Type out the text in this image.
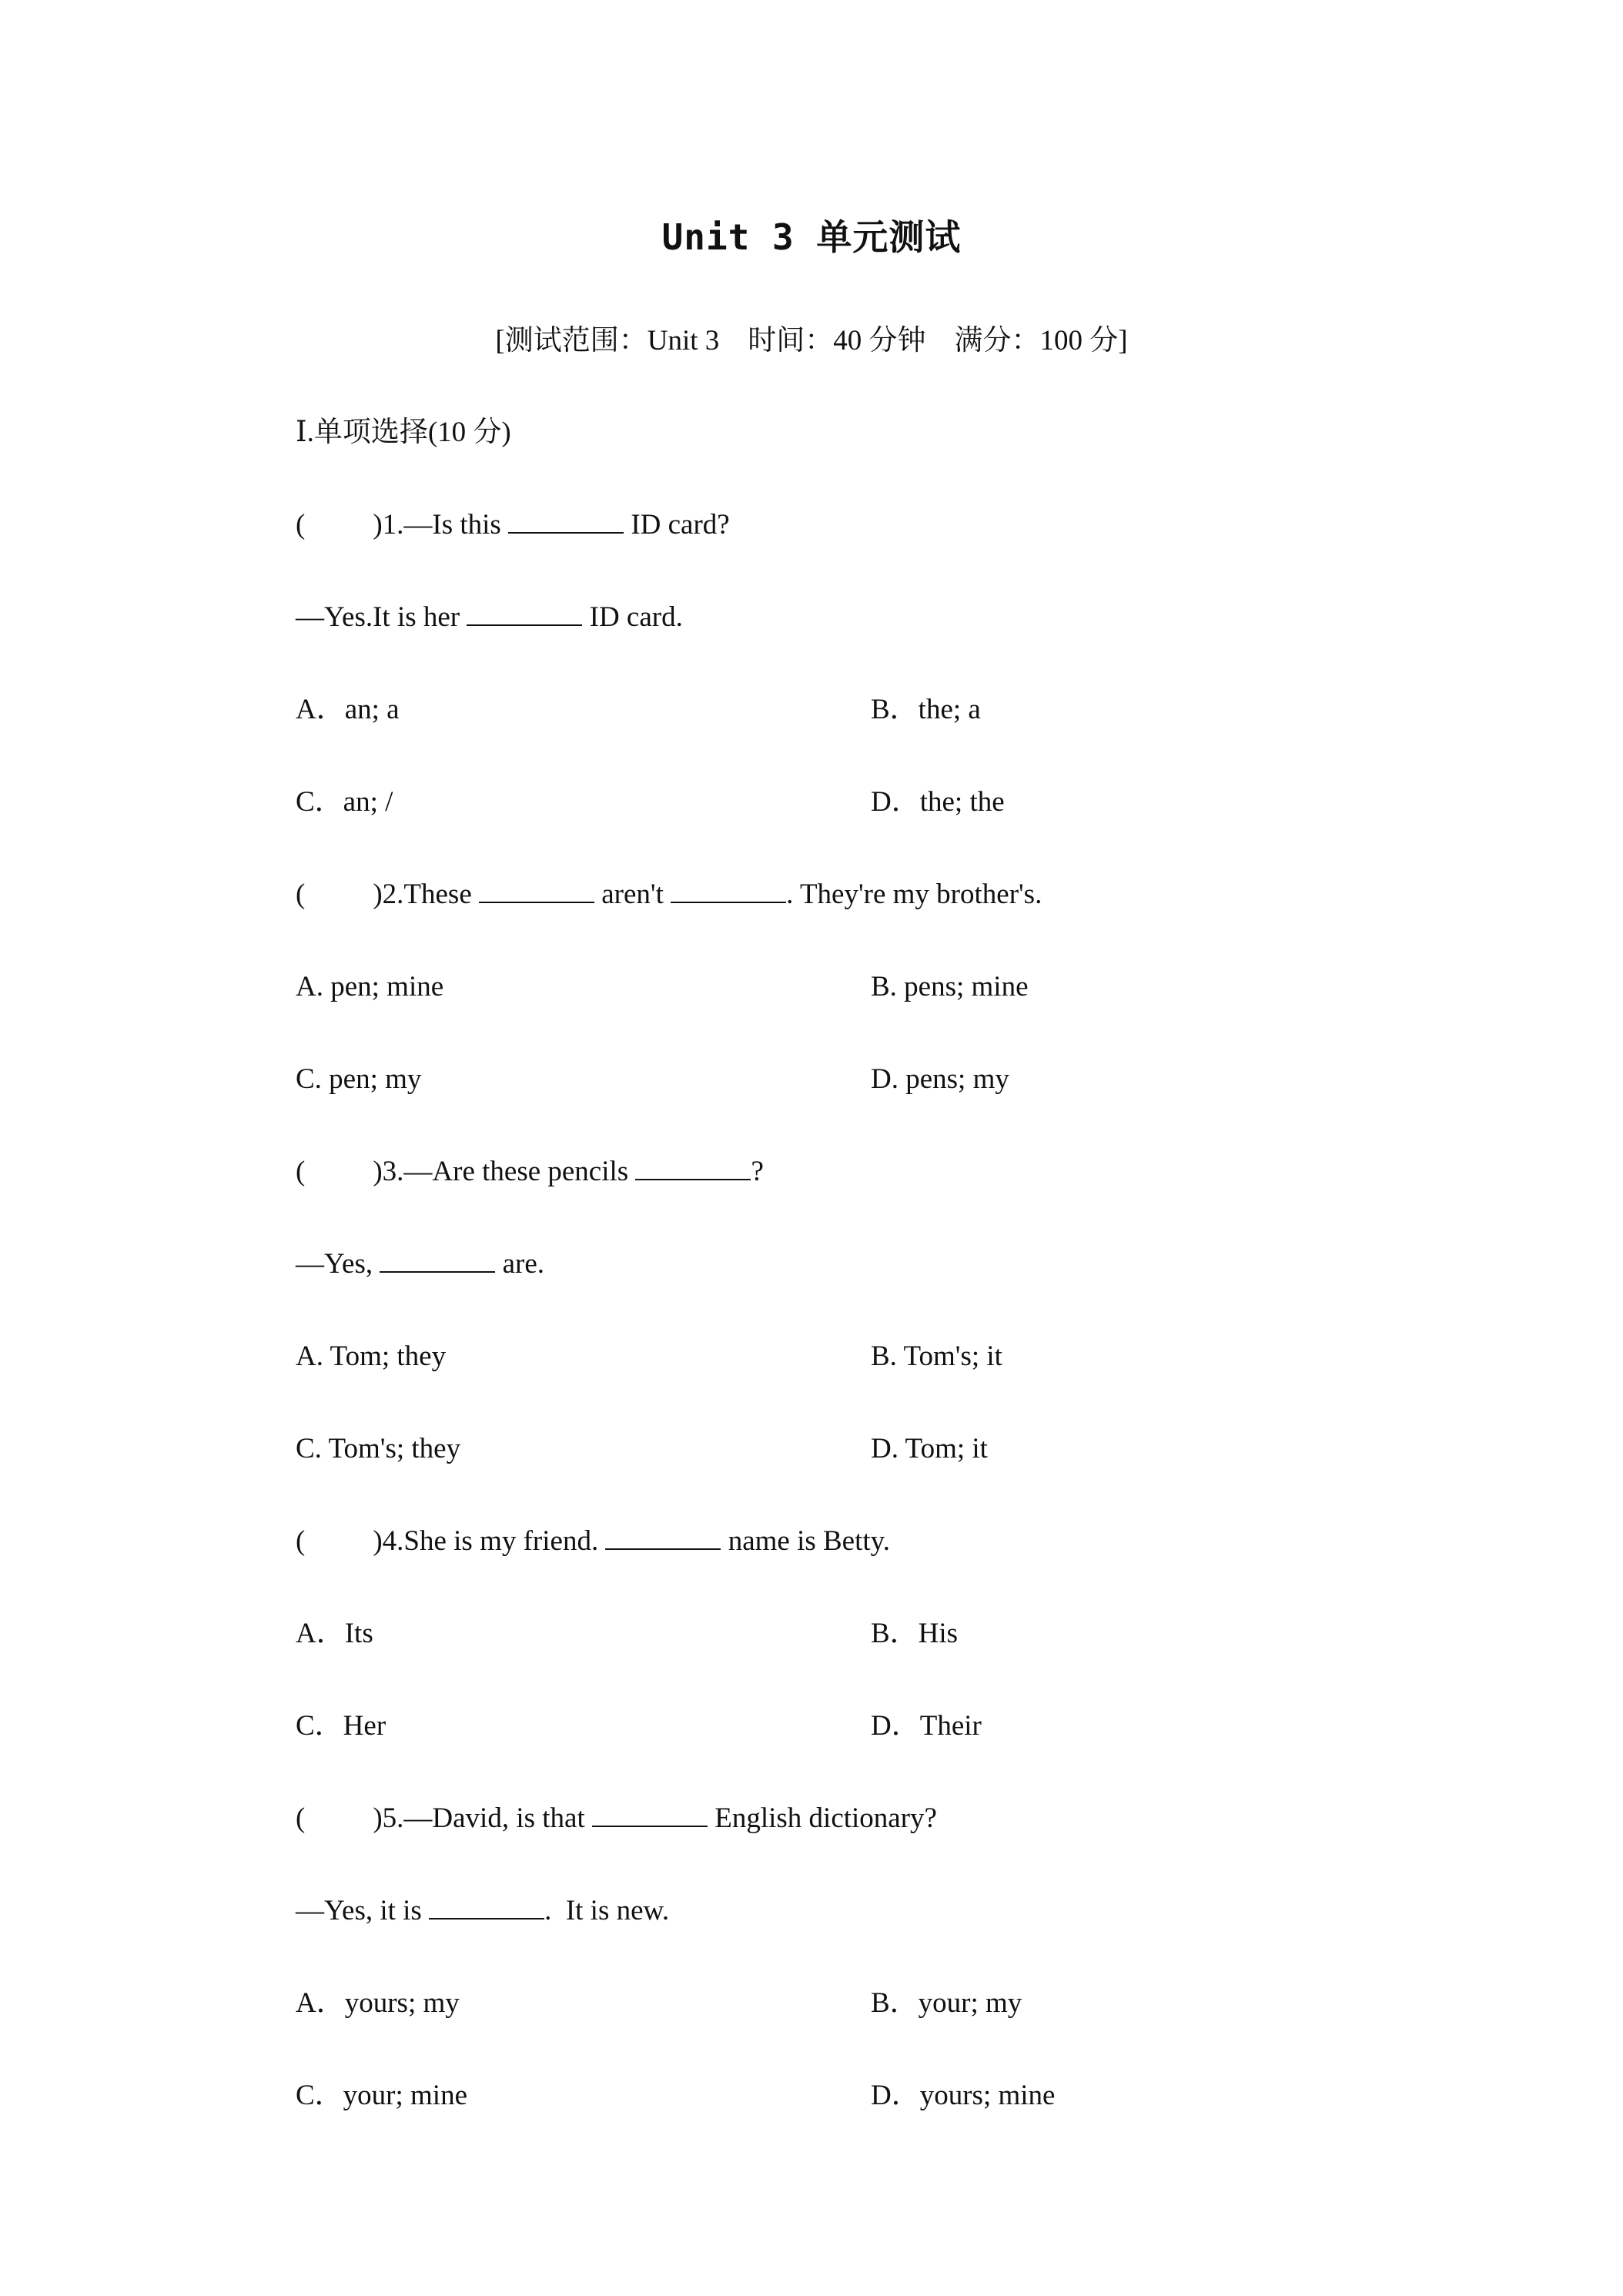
Unit 3 单元测试
[测试范围：Unit 3 时间：40 分钟 满分：100 分]
Ⅰ.单项选择(10 分)
( )1.—Is this	ID card?
—Yes.It is her	ID card.
A．an; a	B．the; a
C．an; /	D．the; the
( )2.These	aren't	. They're my brother's.
A. pen; mine	B. pens; mine
C. pen; my	D. pens; my
( )3.—Are these pencils	?
—Yes,	are.
A. Tom; they	B. Tom's; it
C. Tom's; they	D. Tom; it
( )4.She is my friend.	name is Betty.
A．Its	B．His
C．Her	D．Their
( )5.—David, is that	English dictionary?
—Yes, it is	.  It is new.
A．yours; my	B．your; my
C．your; mine	D．yours; mine
